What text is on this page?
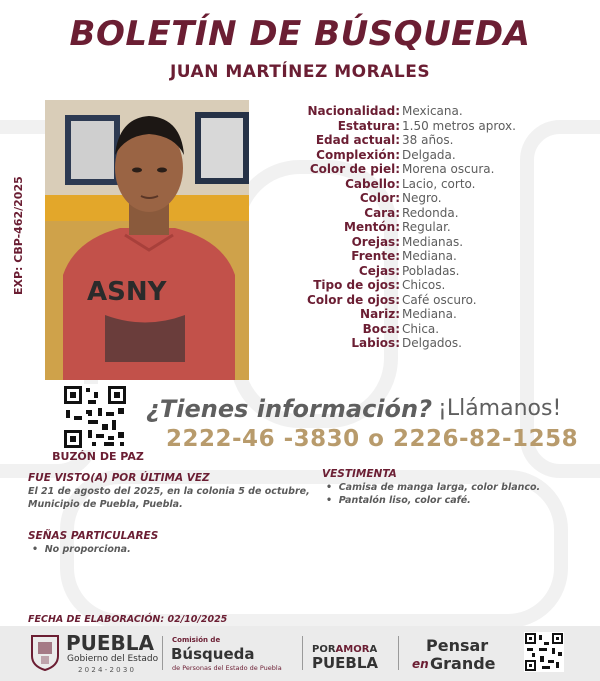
BOLETÍN DE BÚSQUEDA
JUAN MARTÍNEZ MORALES
EXP: CBP-462/2025 ASNY
Nacionalidad: Mexicana.
Estatura: 1.50 metros aprox.
Edad actual: 38 años.
Complexión: Delgada.
Color de piel: Morena oscura.
Cabello: Lacio, corto.
Color: Negro.
Cara: Redonda.
Mentón: Regular.
Orejas: Medianas.
Frente: Mediana.
Cejas: Pobladas.
Tipo de ojos: Chicos.
Color de ojos: Café oscuro.
Nariz: Mediana.
Boca: Chica.
Labios: Delgados.
BUZÓN DE PAZ
¿Tienes información? ¡Llámanos!
2222-46 -3830 o 2226-82-1258
FUE VISTO(A) POR ÚLTIMA VEZ
El 21 de agosto del 2025, en la colonia 5 de octubre,
Municipio de Puebla, Puebla.
VESTIMENTA
•  Camisa de manga larga, color blanco.
•  Pantalón liso, color café.
SEÑAS PARTICULARES
•  No proporciona.
FECHA DE ELABORACIÓN: 02/10/2025
PUEBLA
Gobierno del Estado
2 0 2 4 - 2 0 3 0
Comisión de
Búsqueda
de Personas del Estado de Puebla
PORAMORA
PUEBLA
Pensar
en Grande
